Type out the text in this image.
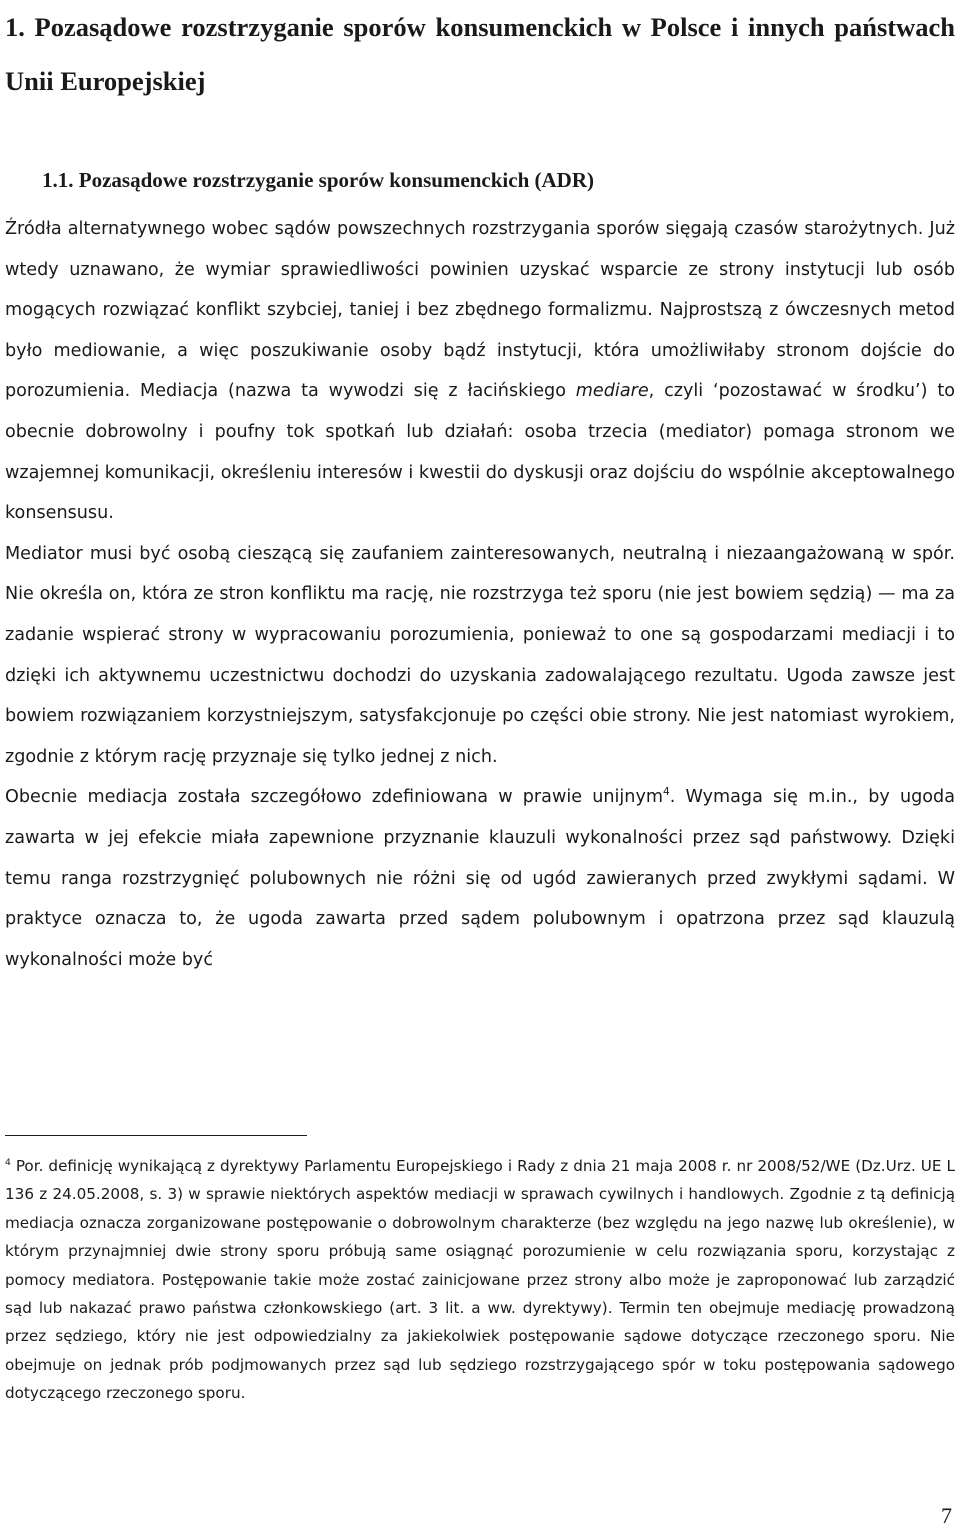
1. Pozasądowe rozstrzyganie sporów konsumenckich w Polsce i innych państwach Unii Europejskiej
1.1. Pozasądowe rozstrzyganie sporów konsumenckich (ADR)

Źródła alternatywnego wobec sądów powszechnych rozstrzygania sporów sięgają czasów starożytnych. Już wtedy uznawano, że wymiar sprawiedliwości powinien uzyskać wsparcie ze strony instytucji lub osób mogących rozwiązać konflikt szybciej, taniej i bez zbędnego formalizmu. Najprostszą z ówczesnych metod było mediowanie, a więc poszukiwanie osoby bądź instytucji, która umożliwiłaby stronom dojście do porozumienia. Mediacja (nazwa ta wywodzi się z łacińskiego mediare, czyli ‘pozostawać w środku’) to obecnie dobrowolny i poufny tok spotkań lub działań: osoba trzecia (mediator) pomaga stronom we wzajemnej komunikacji, określeniu interesów i kwestii do dyskusji oraz dojściu do wspólnie akceptowalnego konsensusu.

Mediator musi być osobą cieszącą się zaufaniem zainteresowanych, neutralną i niezaangażowaną w spór. Nie określa on, która ze stron konfliktu ma rację, nie rozstrzyga też sporu (nie jest bowiem sędzią) — ma za zadanie wspierać strony w wypracowaniu porozumienia, ponieważ to one są gospodarzami mediacji i to dzięki ich aktywnemu uczestnictwu dochodzi do uzyskania zadowalającego rezultatu. Ugoda zawsze jest bowiem rozwiązaniem korzystniejszym, satysfakcjonuje po części obie strony. Nie jest natomiast wyrokiem, zgodnie z którym rację przyznaje się tylko jednej z nich.

Obecnie mediacja została szczegółowo zdefiniowana w prawie unijnym$^4$. Wymaga się m.in., by ugoda zawarta w jej efekcie miała zapewnione przyznanie klauzuli wykonalności przez sąd państwowy. Dzięki temu ranga rozstrzygnięć polubownych nie różni się od ugód zawieranych przed zwykłymi sądami. W praktyce oznacza to, że ugoda zawarta przed sądem polubownym i opatrzona przez sąd klauzulą wykonalności może być

$^4$ Por. definicję wynikającą z dyrektywy Parlamentu Europejskiego i Rady z dnia 21 maja 2008 r. nr 2008/52/WE (Dz.Urz. UE L 136 z 24.05.2008, s. 3) w sprawie niektórych aspektów mediacji w sprawach cywilnych i handlowych. Zgodnie z tą definicją mediacja oznacza zorganizowane postępowanie o dobrowolnym charakterze (bez względu na jego nazwę lub określenie), w którym przynajmniej dwie strony sporu próbują same osiągnąć porozumienie w celu rozwiązania sporu, korzystając z pomocy mediatora. Postępowanie takie może zostać zainicjowane przez strony albo może je zaproponować lub zarządzić sąd lub nakazać prawo państwa członkowskiego (art. 3 lit. a ww. dyrektywy). Termin ten obejmuje mediację prowadzoną przez sędziego, który nie jest odpowiedzialny za jakiekolwiek postępowanie sądowe dotyczące rzeczonego sporu. Nie obejmuje on jednak prób podjmowanych przez sąd lub sędziego rozstrzygającego spór w toku postępowania sądowego dotyczącego rzeczonego sporu.

7
